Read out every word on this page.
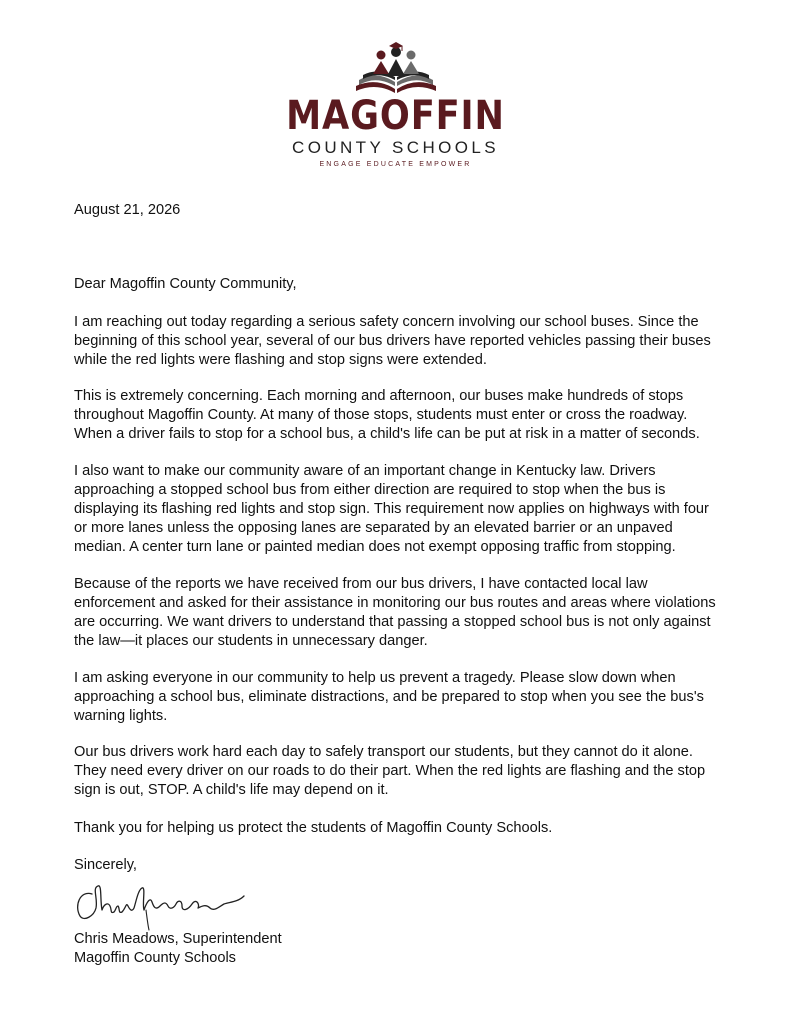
MAGOFFIN
COUNTY SCHOOLS
ENGAGE EDUCATE EMPOWER

August 21, 2026

Dear Magoffin County Community,

I am reaching out today regarding a serious safety concern involving our school buses. Since the beginning of this school year, several of our bus drivers have reported vehicles passing their buses while the red lights were flashing and stop signs were extended.

This is extremely concerning. Each morning and afternoon, our buses make hundreds of stops throughout Magoffin County. At many of those stops, students must enter or cross the roadway. When a driver fails to stop for a school bus, a child's life can be put at risk in a matter of seconds.

I also want to make our community aware of an important change in Kentucky law. Drivers approaching a stopped school bus from either direction are required to stop when the bus is displaying its flashing red lights and stop sign. This requirement now applies on highways with four or more lanes unless the opposing lanes are separated by an elevated barrier or an unpaved median. A center turn lane or painted median does not exempt opposing traffic from stopping.

Because of the reports we have received from our bus drivers, I have contacted local law enforcement and asked for their assistance in monitoring our bus routes and areas where violations are occurring. We want drivers to understand that passing a stopped school bus is not only against the law—it places our students in unnecessary danger.

I am asking everyone in our community to help us prevent a tragedy. Please slow down when approaching a school bus, eliminate distractions, and be prepared to stop when you see the bus's warning lights.

Our bus drivers work hard each day to safely transport our students, but they cannot do it alone. They need every driver on our roads to do their part. When the red lights are flashing and the stop sign is out, STOP. A child's life may depend on it.

Thank you for helping us protect the students of Magoffin County Schools.

Sincerely,

Chris Meadows, Superintendent

Magoffin County Schools
